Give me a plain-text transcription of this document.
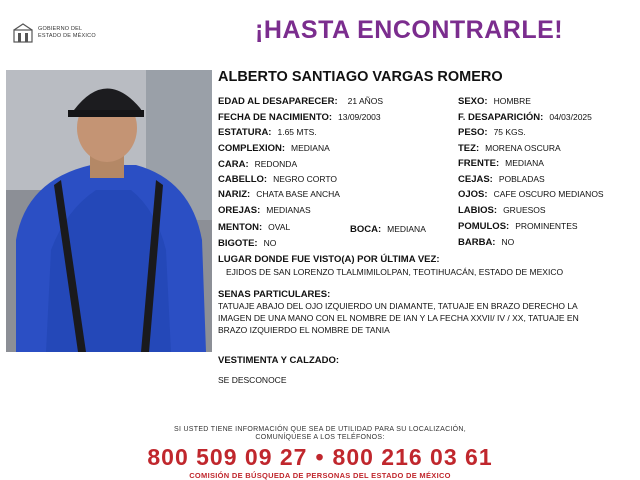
GOBIERNO DEL
ESTADO DE MÉXICO	¡HASTA ENCONTRARLE!
ALBERTO SANTIAGO VARGAS ROMERO
EDAD AL DESAPARECER: 21 AÑOS
FECHA DE NACIMIENTO: 13/09/2003
ESTATURA: 1.65 MTS.
COMPLEXION: MEDIANA
CARA: REDONDA
CABELLO: NEGRO CORTO
NARIZ: CHATA BASE ANCHA
OREJAS: MEDIANAS
MENTON: OVAL	BOCA: MEDIANA
BIGOTE: NO
SEXO: HOMBRE
F. DESAPARICIÓN: 04/03/2025
PESO: 75 KGS.
TEZ: MORENA OSCURA
FRENTE: MEDIANA
CEJAS: POBLADAS
OJOS: CAFE OSCURO MEDIANOS
LABIOS: GRUESOS
POMULOS: PROMINENTES
BARBA: NO
LUGAR DONDE FUE VISTO(A) POR ÚLTIMA VEZ:
EJIDOS DE SAN LORENZO TLALMIMILOLPAN, TEOTIHUACÁN, ESTADO DE MEXICO
SENAS PARTICULARES:
TATUAJE ABAJO DEL OJO IZQUIERDO UN DIAMANTE, TATUAJE EN BRAZO DERECHO LA
IMAGEN DE UNA MANO CON EL NOMBRE DE IAN Y LA FECHA XXVII/ IV / XX, TATUAJE EN
BRAZO IZQUIERDO EL NOMBRE DE TANIA
VESTIMENTA Y CALZADO:
SE DESCONOCE
SI USTED TIENE INFORMACIÓN QUE SEA DE UTILIDAD PARA SU LOCALIZACIÓN,
COMUNÍQUESE A LOS TELÉFONOS:
800 509 09 27 • 800 216 03 61
COMISIÓN DE BÚSQUEDA DE PERSONAS DEL ESTADO DE MÉXICO
